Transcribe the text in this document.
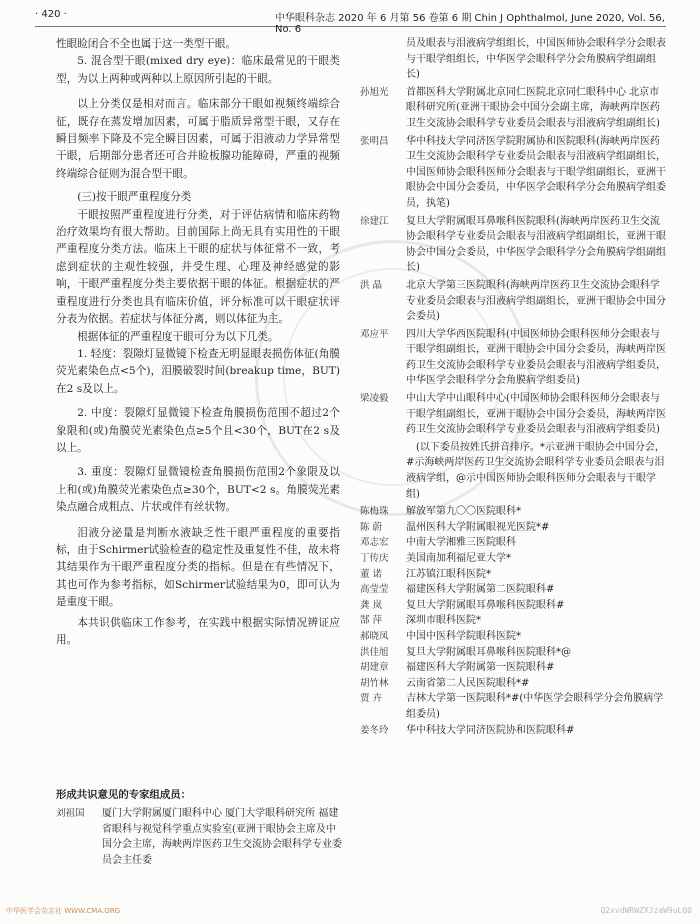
· 420 ·	中华眼科杂志 2020 年 6 月第 56 卷第 6 期 Chin J Ophthalmol, June 2020, Vol. 56, No. 6

性眼睑闭合不全也属于这一类型干眼。

5. 混合型干眼(mixed dry eye)：临床最常见的干眼类型，为以上两种或两种以上原因所引起的干眼。

以上分类仅是相对而言。临床部分干眼如视频终端综合征，既存在蒸发增加因素，可属于脂质异常型干眼，又存在瞬目频率下降及不完全瞬目因素，可属于泪液动力学异常型干眼，后期部分患者还可合并睑板腺功能障碍，严重的视频终端综合征则为混合型干眼。

(三)按干眼严重程度分类

干眼按照严重程度进行分类，对于评估病情和临床药物治疗效果均有很大帮助。目前国际上尚无具有实用性的干眼严重程度分类方法。临床上干眼的症状与体征常不一致，考虑到症状的主观性较强，并受生理、心理及神经感觉的影响，干眼严重程度分类主要依据干眼的体征。根据症状的严重程度进行分类也具有临床价值，评分标准可以干眼症状评分表为依据。若症状与体征分离，则以体征为主。

根据体征的严重程度干眼可分为以下几类。

1. 轻度：裂隙灯显微镜下检查无明显眼表损伤体征(角膜荧光素染色点<5个)，泪膜破裂时间(breakup time，BUT)在2 s及以上。

2. 中度：裂隙灯显微镜下检查角膜损伤范围不超过2个象限和(或)角膜荧光素染色点≥5个且<30个，BUT在2 s及以上。

3. 重度：裂隙灯显微镜检查角膜损伤范围2个象限及以上和(或)角膜荧光素染色点≥30个，BUT<2 s。角膜荧光素染点融合成粗点、片状或伴有丝状物。

泪液分泌量是判断水液缺乏性干眼严重程度的重要指标，由于Schirmer试验检查的稳定性及重复性不佳，故未将其结果作为干眼严重程度分类的指标。但是在有些情况下，其也可作为参考指标，如Schirmer试验结果为0，即可认为是重度干眼。

本共识供临床工作参考，在实践中根据实际情况辨证应用。

形成共识意见的专家组成员：
刘祖国	厦门大学附属厦门眼科中心 厦门大学眼科研究所 福建省眼科与视觉科学重点实验室(亚洲干眼协会主席及中国分会主席，海峡两岸医药卫生交流协会眼科学专业委员会主任委
员及眼表与泪液病学组组长，中国医师协会眼科学分会眼表与干眼学组组长，中华医学会眼科学分会角膜病学组副组长)
孙旭光	首都医科大学附属北京同仁医院北京同仁眼科中心 北京市眼科研究所(亚洲干眼协会中国分会副主席，海峡两岸医药卫生交流协会眼科学专业委员会眼表与泪液病学组副组长)
张明昌	华中科技大学同济医学院附属协和医院眼科(海峡两岸医药卫生交流协会眼科学专业委员会眼表与泪液病学组副组长，中国医师协会眼科医师分会眼表与干眼学组副组长，亚洲干眼协会中国分会委员，中华医学会眼科学分会角膜病学组委员，执笔)
徐建江	复旦大学附属眼耳鼻喉科医院眼科(海峡两岸医药卫生交流协会眼科学专业委员会眼表与泪液病学组副组长，亚洲干眼协会中国分会委员，中华医学会眼科学分会角膜病学组副组长)
洪 晶	北京大学第三医院眼科(海峡两岸医药卫生交流协会眼科学专业委员会眼表与泪液病学组副组长，亚洲干眼协会中国分会委员)
邓应平	四川大学华西医院眼科(中国医师协会眼科医师分会眼表与干眼学组副组长，亚洲干眼协会中国分会委员，海峡两岸医药卫生交流协会眼科学专业委员会眼表与泪液病学组委员，中华医学会眼科学分会角膜病学组委员)
梁凌毅	中山大学中山眼科中心(中国医师协会眼科医师分会眼表与干眼学组副组长，亚洲干眼协会中国分会委员，海峡两岸医药卫生交流协会眼科学专业委员会眼表与泪液病学组委员)
(以下委员按姓氏拼音排序。*示亚洲干眼协会中国分会，#示海峡两岸医药卫生交流协会眼科学专业委员会眼表与泪液病学组，@示中国医师协会眼科医师分会眼表与干眼学组)
陈梅珠	解放军第九〇〇医院眼科*
陈 蔚	温州医科大学附属眼视光医院*#
邓志宏	中南大学湘雅三医院眼科
丁传庆	美国南加利福尼亚大学*
董 诺	江苏镇江眼科医院*
高莹莹	福建医科大学附属第二医院眼科#
龚 岚	复旦大学附属眼耳鼻喉科医院眼科#
郜 萍	深圳市眼科医院*
郝晓凤	中国中医科学院眼科医院*
洪佳旭	复旦大学附属眼耳鼻喉科医院眼科*@
胡建章	福建医科大学附属第一医院眼科#
胡竹林	云南省第二人民医院眼科*#
贾 卉	吉林大学第一医院眼科*#(中华医学会眼科学分会角膜病学组委员)
姜冬玲	华中科技大学同济医院协和医院眼科#
中华医学会杂志社 WWW.CMA.ORG	Q2xvdWRWZXJzaW9uLQ0
